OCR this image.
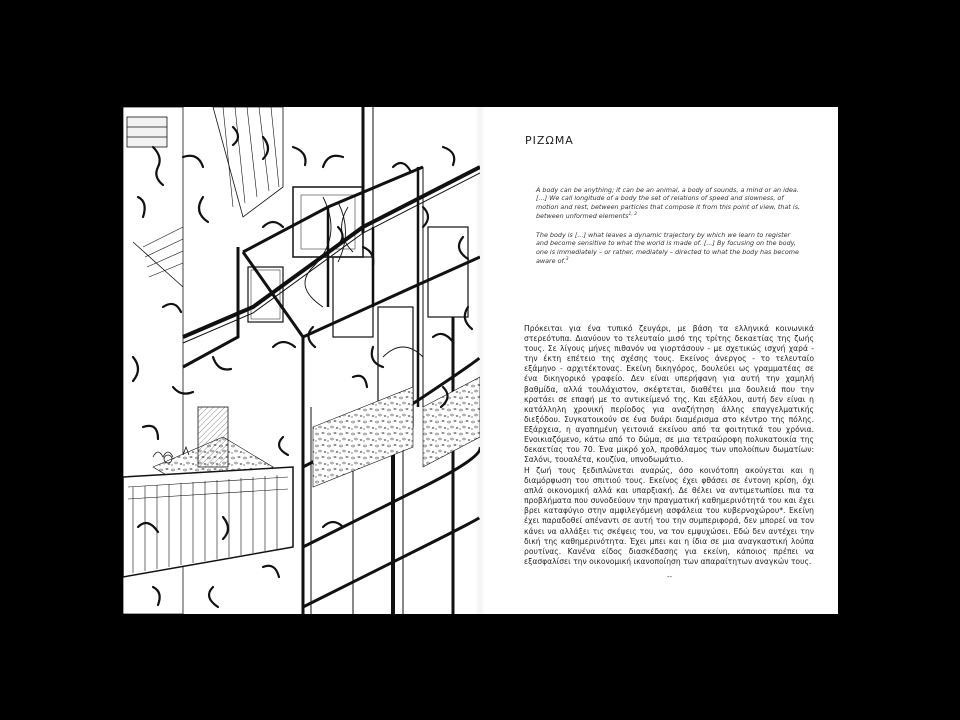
ΡΙΖΩΜΑ
A body can be anything; it can be an animal, a body of sounds, a mind or an idea. [...] We call longitude of a body the set of relations of speed and slowness, of motion and rest, between particles that compose it from this point of view, that is, between unformed elements$^{1, 2}$
The body is [...] what leaves a dynamic trajectory by which we learn to register and become sensitive to what the world is made of. [...] By focusing on the body, one is immediately – or rather, mediately – directed to what the body has become aware of.$^3$

Πρόκειται για ένα τυπικό ζευγάρι, με βάση τα ελληνικά κοινωνικά στερεότυπα. Διανύουν το τελευταίο μισό της τρίτης δεκαετίας της ζωής τους. Σε λίγους μήνες πιθανόν να γιορτάσουν - με σχετικώς ισχνή χαρά - την έκτη επέτειο της σχέσης τους. Εκείνος άνεργος - το τελευταίο εξάμηνο - αρχιτέκτονας. Εκείνη δικηγόρος, δουλεύει ως γραμματέας σε ένα δικηγορικό γραφείο. Δεν είναι υπερήφανη για αυτή την χαμηλή βαθμίδα, αλλά τουλάχιστον, σκέφτεται, διαθέτει μια δουλειά που την κρατάει σε επαφή με το αντικείμενό της. Και εξάλλου, αυτή δεν είναι η κατάλληλη χρονική περίοδος για αναζήτηση άλλης επαγγελματικής διεξόδου. Συγκατοικούν σε ένα δυάρι διαμέρισμα στο κέντρο της πόλης. Εξάρχεια, η αγαπημένη γειτονιά εκείνου από τα φοιτητικά του χρόνια. Ενοικιαζόμενο, κάτω από το δώμα, σε μια τετραώροφη πολυκατοικία της δεκαετίας του 70. Ένα μικρό χολ, προθάλαμος των υπολοίπων δωματίων: Σαλόνι, τουαλέτα, κουζίνα, υπνοδωμάτιο.

Η ζωή τους ξεδιπλώνεται αναρώς, όσο κοινότοπη ακούγεται και η διαμόρφωση του σπιτιού τους. Εκείνος έχει φθάσει σε έντονη κρίση, όχι απλά οικονομική αλλά και υπαρξιακή. Δε θέλει να αντιμετωπίσει πια τα προβλήματα που συνοδεύουν την πραγματική καθημερινότητά του και έχει βρει καταφύγιο στην αμφιλεγόμενη ασφάλεια του κυβερνοχώρου*. Εκείνη έχει παραδοθεί απέναντι σε αυτή του την συμπεριφορά, δεν μπορεί να τον κάνει να αλλάξει τις σκέψεις του, να τον εμψυχώσει. Εδώ δεν αντέχει την δική της καθημερινότητα. Έχει μπει και η ίδια σε μια αναγκαστική λούπα ρουτίνας. Κανένα είδος διασκέδασης για εκείνη, κάποιος πρέπει να εξασφαλίσει την οικονομική ικανοποίηση των απαραίτητων αναγκών τους.

--
